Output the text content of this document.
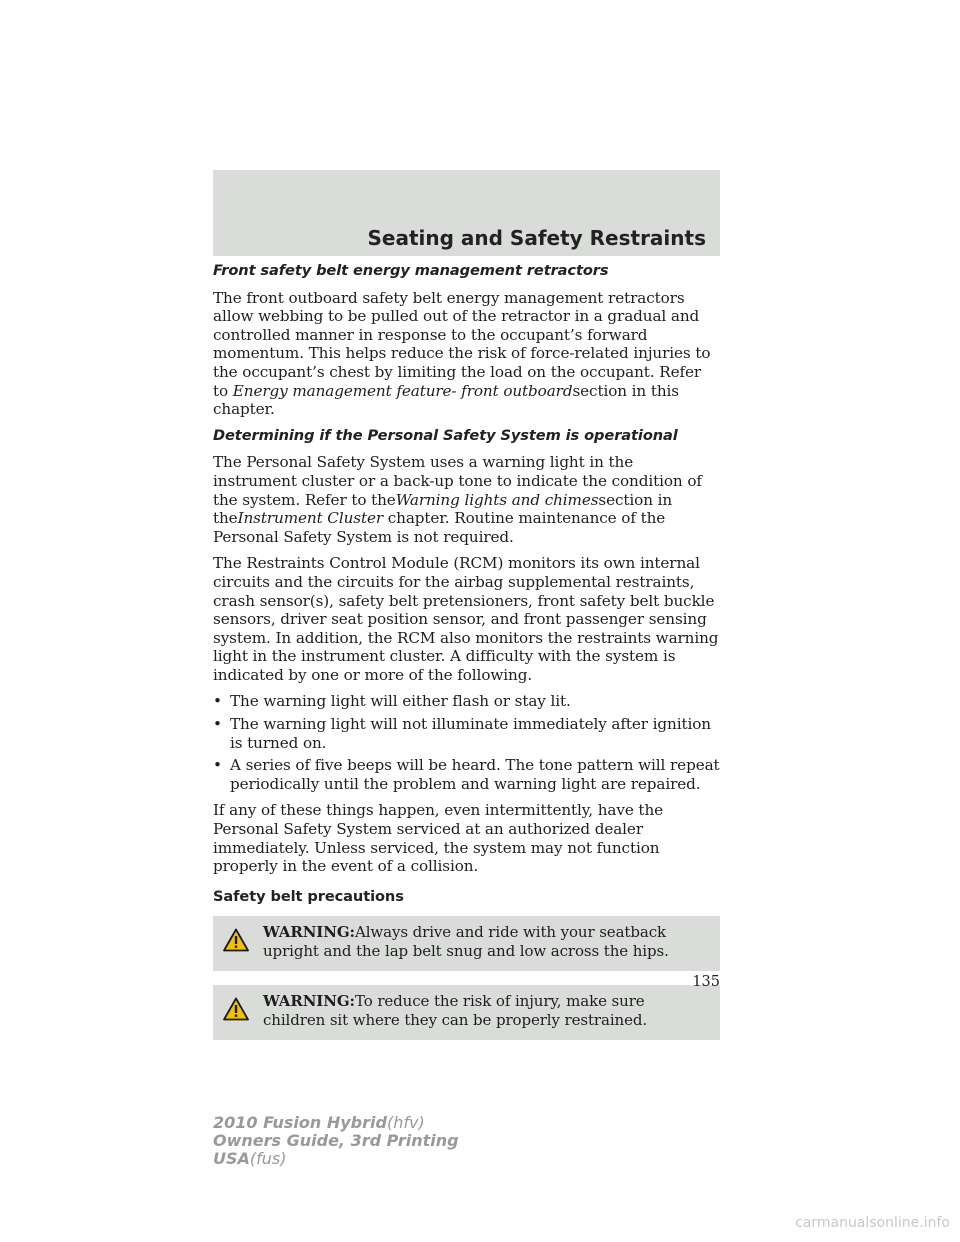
Seating and Safety Restraints
Front safety belt energy management retractors

The front outboard safety belt energy management retractors allow webbing to be pulled out of the retractor in a gradual and controlled manner in response to the occupant’s forward momentum. This helps reduce the risk of force-related injuries to the occupant’s chest by limiting the load on the occupant. Refer to Energy management feature- front outboardsection in this chapter.

Determining if the Personal Safety System is operational

The Personal Safety System uses a warning light in the instrument cluster or a back-up tone to indicate the condition of the system. Refer to theWarning lights and chimessection in theInstrument Cluster chapter. Routine maintenance of the Personal Safety System is not required.

The Restraints Control Module (RCM) monitors its own internal circuits and the circuits for the airbag supplemental restraints, crash sensor(s), safety belt pretensioners, front safety belt buckle sensors, driver seat position sensor, and front passenger sensing system. In addition, the RCM also monitors the restraints warning light in the instrument cluster. A difficulty with the system is indicated by one or more of the following.

• The warning light will either flash or stay lit.
• The warning light will not illuminate immediately after ignition is turned on.
• A series of five beeps will be heard. The tone pattern will repeat periodically until the problem and warning light are repaired.

If any of these things happen, even intermittently, have the Personal Safety System serviced at an authorized dealer immediately. Unless serviced, the system may not function properly in the event of a collision.

Safety belt precautions
WARNING:Always drive and ride with your seatback upright and the lap belt snug and low across the hips.
WARNING:To reduce the risk of injury, make sure children sit where they can be properly restrained.
135
2010 Fusion Hybrid(hfv)
Owners Guide, 3rd Printing
USA(fus)
carmanualsonline.info
